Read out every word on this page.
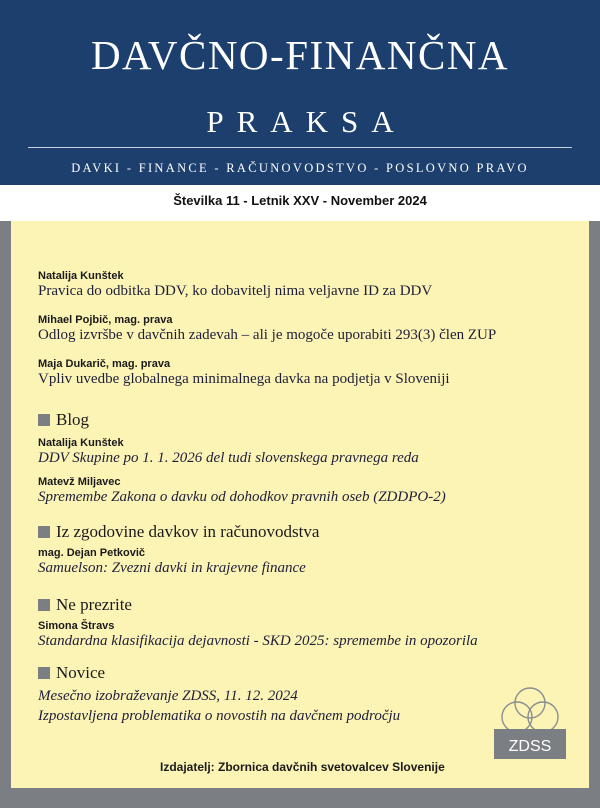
DAVČNO-FINANČNA
PRAKSA
DAVKI - FINANCE - RAČUNOVODSTVO - POSLOVNO PRAVO
Številka 11 - Letnik XXV - November 2024
Natalija Kunštek
Pravica do odbitka DDV, ko dobavitelj nima veljavne ID za DDV
Mihael Pojbič, mag. prava
Odlog izvršbe v davčnih zadevah – ali je mogoče uporabiti 293(3) člen ZUP
Maja Dukarič, mag. prava
Vpliv uvedbe globalnega minimalnega davka na podjetja v Sloveniji
Blog
Natalija Kunštek
DDV Skupine po 1. 1. 2026 del tudi slovenskega pravnega reda
Matevž Miljavec
Spremembe Zakona o davku od dohodkov pravnih oseb (ZDDPO-2)
Iz zgodovine davkov in računovodstva
mag. Dejan Petkovič
Samuelson: Zvezni davki in krajevne finance
Ne prezrite
Simona Štravs
Standardna klasifikacija dejavnosti - SKD 2025: spremembe in opozorila
Novice
Mesečno izobraževanje ZDSS, 11. 12. 2024
Izpostavljena problematika o novostih na davčnem področju
Izdajatelj: Zbornica davčnih svetovalcev Slovenije
ZDSS
